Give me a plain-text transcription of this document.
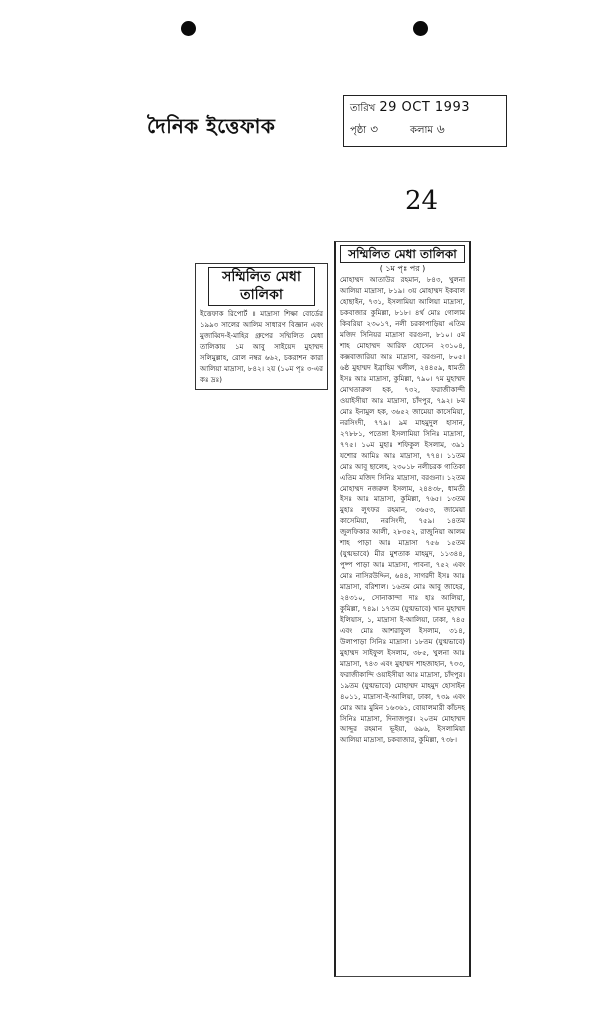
দৈনিক ইত্তেফাক
তারিখ 29 OCT 1993
পৃষ্ঠা ৩	কলাম ৬
24
সম্মিলিত মেধা
তালিকা
ইত্তেফাক রিপোর্ট ॥ মাদ্রাসা শিক্ষা বোর্ডের ১৯৯৩ সালের আলিম সাধারণ বিজ্ঞান এবং মুজাব্বিদ-ই-মাহির গ্রুপের সম্মিলিত মেধা তালিকায় ১ম আবু সাইয়েদ মুহাম্মদ সলিমুল্লাহ, রোল নম্বর ৬৬২, চকরাশন কারা আলিয়া মাদ্রাসা, ৮৪২। ২য় (১০ম পৃঃ ৩-এর কঃ দ্রঃ)
সম্মিলিত মেধা তালিকা
( ১ম পৃঃ পর )
মোহাম্মদ আতাউর রহমান, ৮৪৩, খুলনা আলিয়া মাদ্রাসা, ৮১৯। ৩য় মোহাম্মদ ইকবাল হোছাইন, ৭৩১, ইসলামিয়া আলিয়া মাদ্রাসা, চকবাজার কুমিল্লা, ৮১৮। ৪র্থ মোঃ গোলাম কিবরিয়া ২৩০১৭, নলী চরকাপাড়িয়া এতিম মজিদ সিনিয়র মাদ্রাসা বরগুনা, ৮১০। ৫ম শাহ মোহাম্মদ আরিফ হোসেন ২৩১০৪, কক্সবাজারিয়া আঃ মাদ্রাসা, বরগুনা, ৮০৫। ৬ষ্ঠ মুহাম্মদ ইব্রাহিম খলীল, ২৪৪৫৯, ধামতী ইসঃ আঃ মাদ্রাসা, কুমিল্লা, ৭৯০। ৭ম মুহাম্মদ মোখতারুল হক, ৭৩২, ফরাজীকান্দী ওয়াইসীয়া আঃ মাদ্রাসা, চাঁদপুর, ৭৯২। ৮ম মোঃ ইনামুল হক, ৩৬৫২ জামেয়া কাসেমিয়া, নরসিংদী, ৭৭৯। ৯ম মাহমুদুল হাসান, ২৭৮৮১, পতেঙ্গা ইসলামিয়া সিনিঃ মাদ্রাসা, ৭৭৫। ১০ম মুহাঃ শফিকুল ইসলাম, ৩৯১ যশোর আমিঃ আঃ মাদ্রাসা, ৭৭৪। ১১তম মোঃ আবু ছালেহ, ২৩০১৮ নলীচরক গাতিকা এতিম মজিদ সিনিঃ মাদ্রাসা, বরগুনা। ১২তম মোহাম্মদ নজরুল ইসলাম, ২৪৪৩৮, ধামতী ইসঃ আঃ মাদ্রাসা, কুমিল্লা, ৭৬৫। ১৩তম মুহাঃ লুৎফর রহমান, ৩৬৫৩, জামেয়া কাসেমিয়া, নরসিংদী, ৭৫৯। ১৪তম জুলফিকার আলী, ২৮৩৫২, রাজুনিয়া আলম শাহ পাড়া আঃ মাদ্রাসা ৭৫৬ ১৫তম (যুগ্মভাবে) মীর মুশতাক মাহমুদ, ১১৩৪৪, পুষ্প পাড়া আঃ মাদ্রাসা, পাবনা, ৭৫২ এবং মোঃ নাসিরউদ্দিন, ৬৪৪, সাগরদী ইসঃ আঃ মাদ্রাসা, বরিশাল। ১৬তম মোঃ আবু জাহের, ২৪৩১০, সোনাকান্দা দাঃ হাঃ আলিয়া, কুমিল্লা, ৭৪৯। ১৭তম (যুগ্মভাবে) খান মুহাম্মদ ইলিয়াস, ১, মাদ্রাসা ই-আলিয়া, ঢাকা, ৭৪৫ এবং মোঃ আশরাফুল ইসলাম, ৩১৪, উলাপাড়া সিনিঃ মাদ্রাসা। ১৮তম (যুগ্মভাবে) মুহাম্মদ সাইফুল ইসলাম, ৩৮৫, খুলনা আঃ মাদ্রাসা, ৭৪৩ এবং মুহাম্মদ শাহজাহান, ৭৩৩, ফরাজীকান্দি ওয়াইসীয়া আঃ মাদ্রাসা, চাঁদপুর। ১৯তম (যুগ্মভাবে) মোহাম্মদ মাহমুদ হোসাইন ৪০১১, মাদ্রাসা-ই-আলিয়া, ঢাকা, ৭৩৯ এবং মোঃ আঃ মুমিন ১৬৩৬১, বোয়ালমারী কাঁচদহ সিনিঃ মাদ্রাসা, দিনাজপুর। ২০তম মোহাম্মদ আব্দুর রহমান ভূইয়া, ৬৯৬, ইসলামিয়া আলিয়া মাদ্রাসা, চকবাজার, কুমিল্লা, ৭৩৮।
